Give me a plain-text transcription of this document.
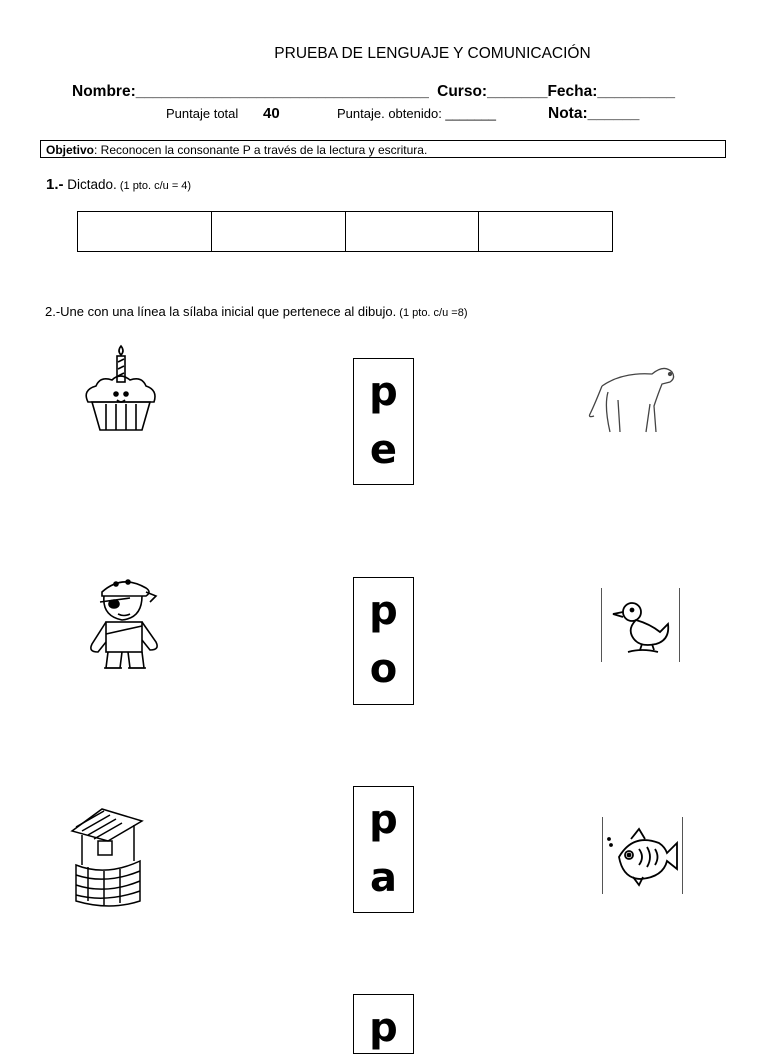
PRUEBA DE LENGUAJE Y COMUNICACIÓN
Nombre:__________________________________ Curso:_______Fecha:_________
Puntaje total 40	Puntaje. obtenido: _______	Nota:______
Objetivo: Reconocen la consonante P a través de la lectura y escritura.
1.- Dictado. (1 pto. c/u = 4)
2.-Une con una línea la sílaba inicial que pertenece al dibujo. (1 pto. c/u =8)
p
e
p
o
p
a
p
